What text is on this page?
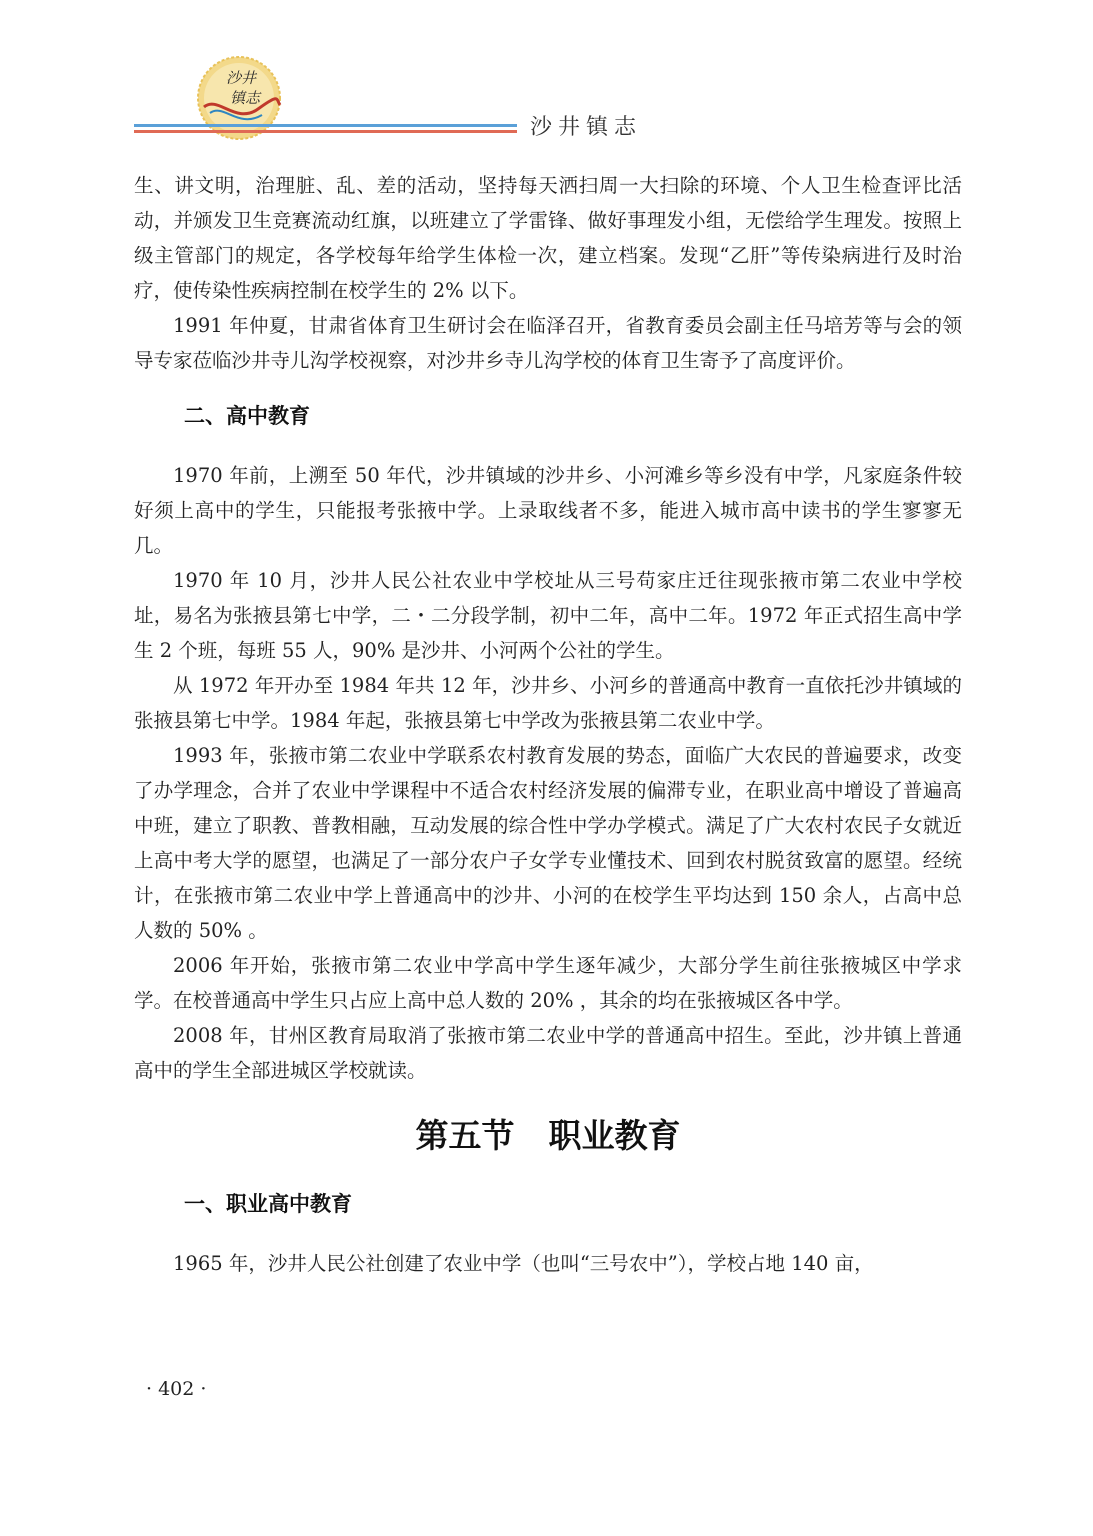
沙井
镇志
沙井镇志

生、讲文明，治理脏、乱、差的活动，坚持每天洒扫周一大扫除的环境、个人卫生检查评比活动，并颁发卫生竞赛流动红旗，以班建立了学雷锋、做好事理发小组，无偿给学生理发。按照上级主管部门的规定，各学校每年给学生体检一次，建立档案。发现“乙肝”等传染病进行及时治疗，使传染性疾病控制在校学生的 2% 以下。

1991 年仲夏，甘肃省体育卫生研讨会在临泽召开，省教育委员会副主任马培芳等与会的领导专家莅临沙井寺儿沟学校视察，对沙井乡寺儿沟学校的体育卫生寄予了高度评价。

二、高中教育

1970 年前，上溯至 50 年代，沙井镇域的沙井乡、小河滩乡等乡没有中学，凡家庭条件较好须上高中的学生，只能报考张掖中学。上录取线者不多，能进入城市高中读书的学生寥寥无几。

1970 年 10 月，沙井人民公社农业中学校址从三号苟家庄迁往现张掖市第二农业中学校址，易名为张掖县第七中学，二・二分段学制，初中二年，高中二年。1972 年正式招生高中学生 2 个班，每班 55 人，90% 是沙井、小河两个公社的学生。

从 1972 年开办至 1984 年共 12 年，沙井乡、小河乡的普通高中教育一直依托沙井镇域的张掖县第七中学。1984 年起，张掖县第七中学改为张掖县第二农业中学。

1993 年，张掖市第二农业中学联系农村教育发展的势态，面临广大农民的普遍要求，改变了办学理念，合并了农业中学课程中不适合农村经济发展的偏滞专业，在职业高中增设了普遍高中班，建立了职教、普教相融，互动发展的综合性中学办学模式。满足了广大农村农民子女就近上高中考大学的愿望，也满足了一部分农户子女学专业懂技术、回到农村脱贫致富的愿望。经统计，在张掖市第二农业中学上普通高中的沙井、小河的在校学生平均达到 150 余人，占高中总人数的 50% 。

2006 年开始，张掖市第二农业中学高中学生逐年减少，大部分学生前往张掖城区中学求学。在校普通高中学生只占应上高中总人数的 20% ，其余的均在张掖城区各中学。

2008 年，甘州区教育局取消了张掖市第二农业中学的普通高中招生。至此，沙井镇上普通高中的学生全部进城区学校就读。

第五节 职业教育
一、职业高中教育

1965 年，沙井人民公社创建了农业中学（也叫“三号农中”），学校占地 140 亩，

· 402 ·
